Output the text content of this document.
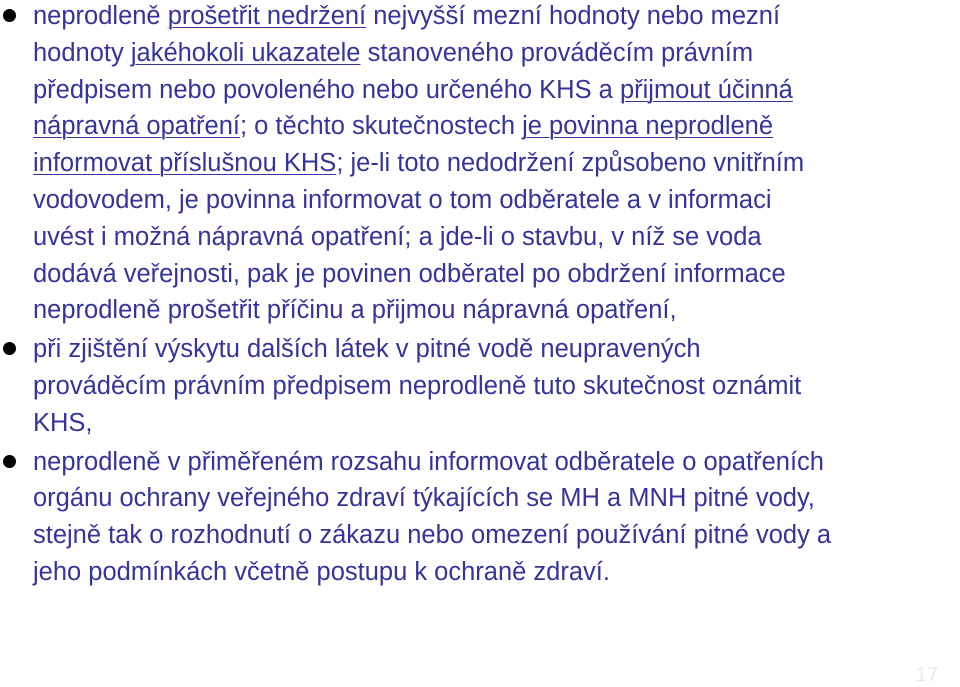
neprodleně prošetřit nedržení nejvyšší mezní hodnoty nebo mezní
hodnoty jakéhokoli ukazatele stanoveného prováděcím právním
předpisem nebo povoleného nebo určeného KHS a přijmout účinná
nápravná opatření; o těchto skutečnostech je povinna neprodleně
informovat příslušnou KHS; je-li toto nedodržení způsobeno vnitřním
vodovodem, je povinna informovat o tom odběratele a v informaci
uvést i možná nápravná opatření; a jde-li o stavbu, v níž se voda
dodává veřejnosti, pak je povinen odběratel po obdržení informace
neprodleně prošetřit příčinu a přijmou nápravná opatření,
při zjištění výskytu dalších látek v pitné vodě neupravených
prováděcím právním předpisem neprodleně tuto skutečnost oznámit
KHS,
neprodleně v přiměřeném rozsahu informovat odběratele o opatřeních
orgánu ochrany veřejného zdraví týkajících se MH a MNH pitné vody,
stejně tak o rozhodnutí o zákazu nebo omezení používání pitné vody a
jeho podmínkách včetně postupu k ochraně zdraví.
17
